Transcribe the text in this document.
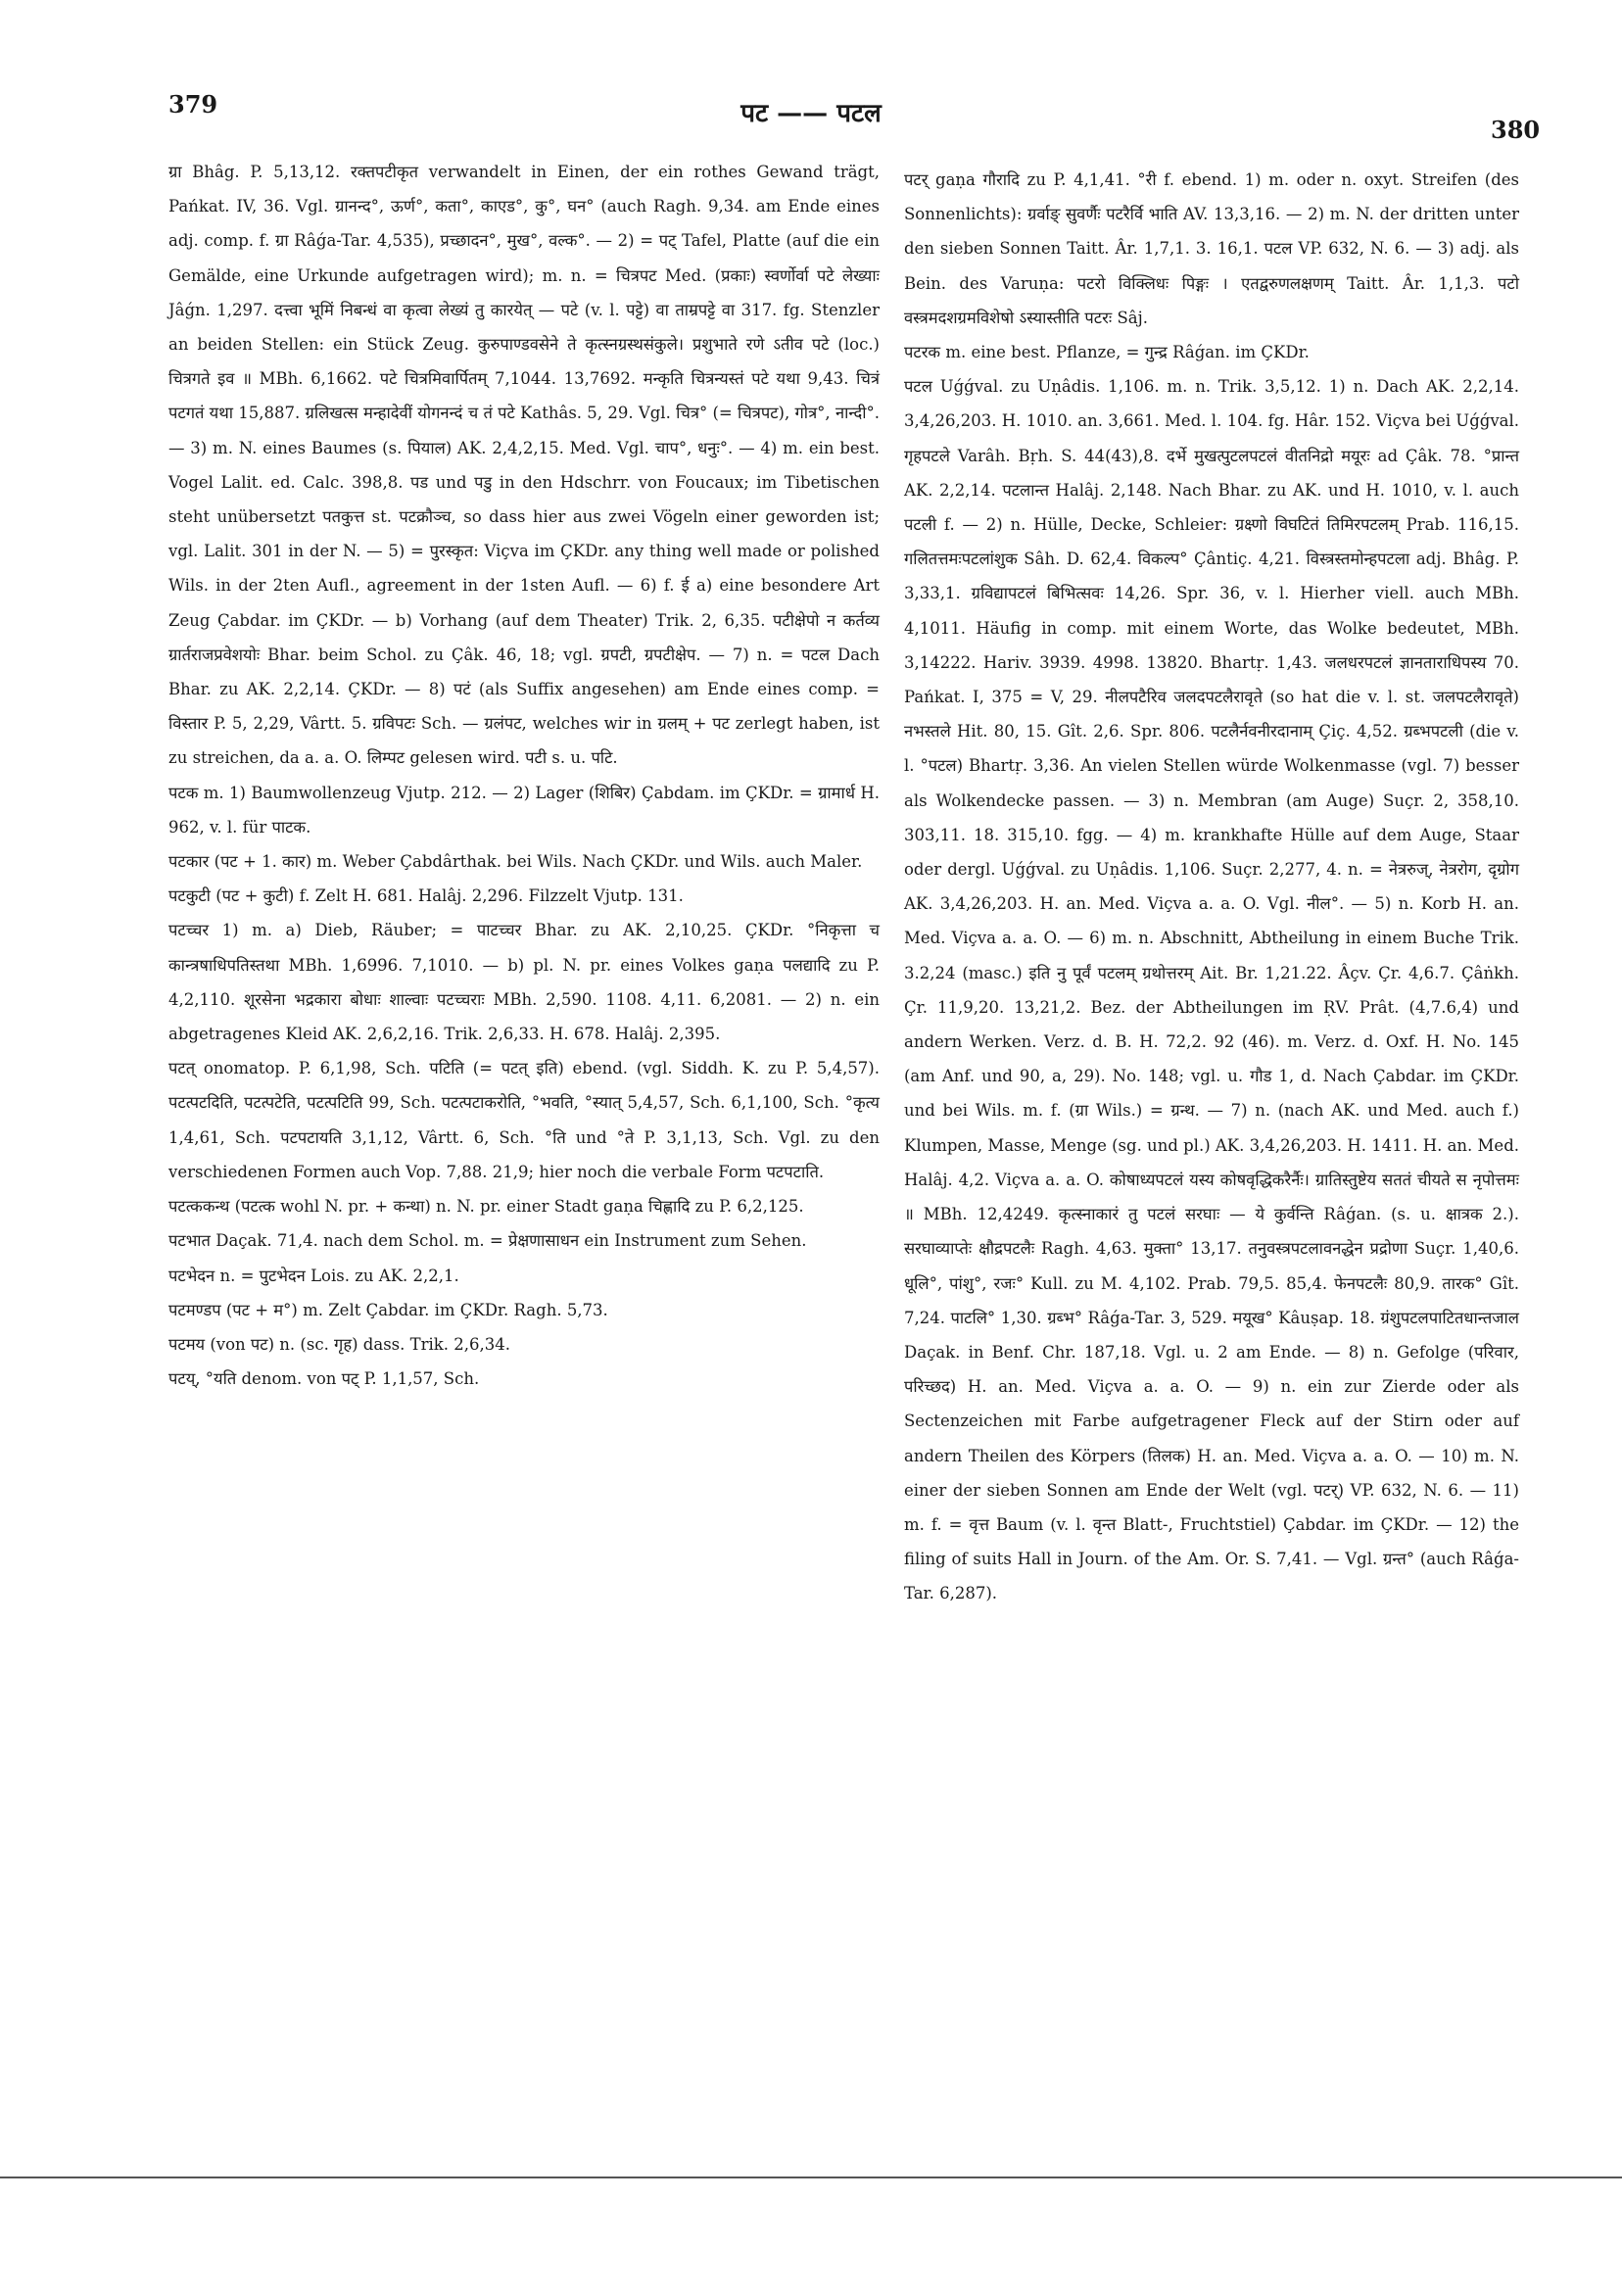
379	पट —— पटल
380

ग्रा Bhâg. P. 5,13,12. रक्तपटीकृत verwandelt in Einen, der ein rothes Gewand trägt, Pańkat. IV, 36. Vgl. ग्रानन्द°, ऊर्ण°, कता°, काएड°, कु°, घन° (auch Ragh. 9,34. am Ende eines adj. comp. f. ग्रा Râǵa-Tar. 4,535), प्रच्छादन°, मुख°, वल्क°. — 2) = पट् Tafel, Platte (auf die ein Gemälde, eine Urkunde aufgetragen wird); m. n. = चित्रपट Med. (प्रकाः) स्वर्णोर्वा पटे लेख्याः Jâǵn. 1,297. दत्त्वा भूमिं निबन्धं वा कृत्वा लेख्यं तु कारयेत् — पटे (v. l. पट्टे) वा ताम्रपट्टे वा 317. fg. Stenzler an beiden Stellen: ein Stück Zeug. कुरुपाण्डवसेने ते कृत्स्नग्रस्थसंकुले। प्रशुभाते रणे ऽतीव पटे (loc.) चित्रगते इव ॥ MBh. 6,1662. पटे चित्रमिवार्पितम् 7,1044. 13,7692. मन्कृति चित्रन्यस्तं पटे यथा 9,43. चित्रं पटगतं यथा 15,887. ग्रलिखत्स मन्हादेवीं योगनन्दं च तं पटे Kathâs. 5, 29. Vgl. चित्र° (= चित्रपट), गोत्र°, नान्दी°. — 3) m. N. eines Baumes (s. पियाल) AK. 2,4,2,15. Med. Vgl. चाप°, धनुः°. — 4) m. ein best. Vogel Lalit. ed. Calc. 398,8. पड und पडु in den Hdschrr. von Foucaux; im Tibetischen steht unübersetzt पतकुत्त st. पटक्रौञ्च, so dass hier aus zwei Vögeln einer geworden ist; vgl. Lalit. 301 in der N. — 5) = पुरस्कृत: Viçva im ÇKDr. any thing well made or polished Wils. in der 2ten Aufl., agreement in der 1sten Aufl. — 6) f. ई a) eine besondere Art Zeug Çabdar. im ÇKDr. — b) Vorhang (auf dem Theater) Trik. 2, 6,35. पटीक्षेपो न कर्तव्य ग्रार्तराजप्रवेशयोः Bhar. beim Schol. zu Çâk. 46, 18; vgl. ग्रपटी, ग्रपटीक्षेप. — 7) n. = पटल Dach Bhar. zu AK. 2,2,14. ÇKDr. — 8) पटं (als Suffix angesehen) am Ende eines comp. = विस्तार P. 5, 2,29, Vârtt. 5. ग्रविपटः Sch. — ग्रलंपट, welches wir in ग्रलम् + पट zerlegt haben, ist zu streichen, da a. a. O. लिम्पट gelesen wird. पटी s. u. पटि.

पटक m. 1) Baumwollenzeug Vjutp. 212. — 2) Lager (शिबिर) Çabdam. im ÇKDr. = ग्रामार्ध H. 962, v. l. für पाटक.

पटकार (पट + 1. कार) m. Weber Çabdârthak. bei Wils. Nach ÇKDr. und Wils. auch Maler.

पटकुटी (पट + कुटी) f. Zelt H. 681. Halâj. 2,296. Filzzelt Vjutp. 131.

पटच्चर 1) m. a) Dieb, Räuber; = पाटच्चर Bhar. zu AK. 2,10,25. ÇKDr. °निकृत्ता च कान्त्रषाधिपतिस्तथा MBh. 1,6996. 7,1010. — b) pl. N. pr. eines Volkes gaṇa पलद्यादि zu P. 4,2,110. शूरसेना भद्रकारा बोधाः शाल्वाः पटच्चराः MBh. 2,590. 1108. 4,11. 6,2081. — 2) n. ein abgetragenes Kleid AK. 2,6,2,16. Trik. 2,6,33. H. 678. Halâj. 2,395.

पटत् onomatop. P. 6,1,98, Sch. पटिति (= पटत् इति) ebend. (vgl. Siddh. K. zu P. 5,4,57). पटत्पटदिति, पटत्पटेति, पटत्पटिति 99, Sch. पटत्पटाकरोति, °भवति, °स्यात् 5,4,57, Sch. 6,1,100, Sch. °कृत्य 1,4,61, Sch. पटपटायति 3,1,12, Vârtt. 6, Sch. °ति und °ते P. 3,1,13, Sch. Vgl. zu den verschiedenen Formen auch Vop. 7,88. 21,9; hier noch die verbale Form पटपटाति.

पटत्ककन्थ (पटत्क wohl N. pr. + कन्था) n. N. pr. einer Stadt gaṇa चिह्णादि zu P. 6,2,125.

पटभात Daçak. 71,4. nach dem Schol. m. = प्रेक्षणासाधन ein Instrument zum Sehen.

पटभेदन n. = पुटभेदन Lois. zu AK. 2,2,1.

पटमण्डप (पट + म°) m. Zelt Çabdar. im ÇKDr. Ragh. 5,73.

पटमय (von पट) n. (sc. गृह) dass. Trik. 2,6,34.

पटय्, °यति denom. von पट् P. 1,1,57, Sch.

पटर् gaṇa गौरादि zu P. 4,1,41. °री f. ebend. 1) m. oder n. oxyt. Streifen (des Sonnenlichts): ग्रर्वाङ् सुवर्णैः पटरैर्वि भाति AV. 13,3,16. — 2) m. N. der dritten unter den sieben Sonnen Taitt. Âr. 1,7,1. 3. 16,1. पटल VP. 632, N. 6. — 3) adj. als Bein. des Varuṇa: पटरो विक्लिधः पिङ्गः । एतद्वरुणलक्षणम् Taitt. Âr. 1,1,3. पटो वस्त्रमदशग्रमविशेषो ऽस्यास्तीति पटरः Sâj.

पटरक m. eine best. Pflanze, = गुन्द्र Râǵan. im ÇKDr.

पटल Uǵǵval. zu Uṇâdis. 1,106. m. n. Trik. 3,5,12. 1) n. Dach AK. 2,2,14. 3,4,26,203. H. 1010. an. 3,661. Med. l. 104. fg. Hâr. 152. Viçva bei Uǵǵval. गृहपटले Varâh. Bṛh. S. 44(43),8. दर्भे मुखत्पुटलपटलं वीतनिद्रो मयूरः ad Çâk. 78. °प्रान्त AK. 2,2,14. पटलान्त Halâj. 2,148. Nach Bhar. zu AK. und H. 1010, v. l. auch पटली f. — 2) n. Hülle, Decke, Schleier: ग्रक्ष्णो विघटितं तिमिरपटलम् Prab. 116,15. गलितत्तमःपटलांशुक Sâh. D. 62,4. विकल्प° Çântiç. 4,21. विस्त्रस्तमोन्हपटला adj. Bhâg. P. 3,33,1. ग्रविद्यापटलं बिभित्सवः 14,26. Spr. 36, v. l. Hierher viell. auch MBh. 4,1011. Häufig in comp. mit einem Worte, das Wolke bedeutet, MBh. 3,14222. Hariv. 3939. 4998. 13820. Bhartṛ. 1,43. जलधरपटलं ज्ञानताराधिपस्य 70. Pańkat. I, 375 = V, 29. नीलपटैरिव जलदपटलैरावृते (so hat die v. l. st. जलपटलैरावृते) नभस्तले Hit. 80, 15. Gît. 2,6. Spr. 806. पटलैर्नवनीरदानाम् Çiç. 4,52. ग्रब्भपटली (die v. l. °पटल) Bhartṛ. 3,36. An vielen Stellen würde Wolkenmasse (vgl. 7) besser als Wolkendecke passen. — 3) n. Membran (am Auge) Suçr. 2, 358,10. 303,11. 18. 315,10. fgg. — 4) m. krankhafte Hülle auf dem Auge, Staar oder dergl. Uǵǵval. zu Uṇâdis. 1,106. Suçr. 2,277, 4. n. = नेत्ररुज्, नेत्ररोग, दृग्रोग AK. 3,4,26,203. H. an. Med. Viçva a. a. O. Vgl. नील°. — 5) n. Korb H. an. Med. Viçva a. a. O. — 6) m. n. Abschnitt, Abtheilung in einem Buche Trik. 3.2,24 (masc.) इति नु पूर्वं पटलम् ग्रथोत्तरम् Ait. Br. 1,21.22. Âçv. Çr. 4,6.7. Çâṅkh. Çr. 11,9,20. 13,21,2. Bez. der Abtheilungen im ṚV. Prât. (4,7.6,4) und andern Werken. Verz. d. B. H. 72,2. 92 (46). m. Verz. d. Oxf. H. No. 145 (am Anf. und 90, a, 29). No. 148; vgl. u. गौड 1, d. Nach Çabdar. im ÇKDr. und bei Wils. m. f. (ग्रा Wils.) = ग्रन्थ. — 7) n. (nach AK. und Med. auch f.) Klumpen, Masse, Menge (sg. und pl.) AK. 3,4,26,203. H. 1411. H. an. Med. Halâj. 4,2. Viçva a. a. O. कोषाध्यपटलं यस्य कोषवृद्धिकरैर्नैः। ग्रातिस्तुष्टेय सततं चीयते स नृपोत्तमः ॥ MBh. 12,4249. कृत्स्नाकारं तु पटलं सरघाः — ये कुर्वन्ति Râǵan. (s. u. क्षात्रक 2.). सरघाव्याप्तेः क्षौद्रपटलैः Ragh. 4,63. मुक्ता° 13,17. तनुवस्त्रपटलावनद्धेन प्रद्रोणा Suçr. 1,40,6. धूलि°, पांशु°, रजः° Kull. zu M. 4,102. Prab. 79,5. 85,4. फेनपटलैः 80,9. तारक° Gît. 7,24. पाटलि° 1,30. ग्रब्भ° Râǵa-Tar. 3, 529. मयूख° Kâuṣap. 18. ग्रंशुपटलपाटितधान्तजाल Daçak. in Benf. Chr. 187,18. Vgl. u. 2 am Ende. — 8) n. Gefolge (परिवार, परिच्छद) H. an. Med. Viçva a. a. O. — 9) n. ein zur Zierde oder als Sectenzeichen mit Farbe aufgetragener Fleck auf der Stirn oder auf andern Theilen des Körpers (तिलक) H. an. Med. Viçva a. a. O. — 10) m. N. einer der sieben Sonnen am Ende der Welt (vgl. पटर्) VP. 632, N. 6. — 11) m. f. = वृत्त Baum (v. l. वृन्त Blatt-, Fruchtstiel) Çabdar. im ÇKDr. — 12) the filing of suits Hall in Journ. of the Am. Or. S. 7,41. — Vgl. ग्रन्त° (auch Râǵa-Tar. 6,287).
